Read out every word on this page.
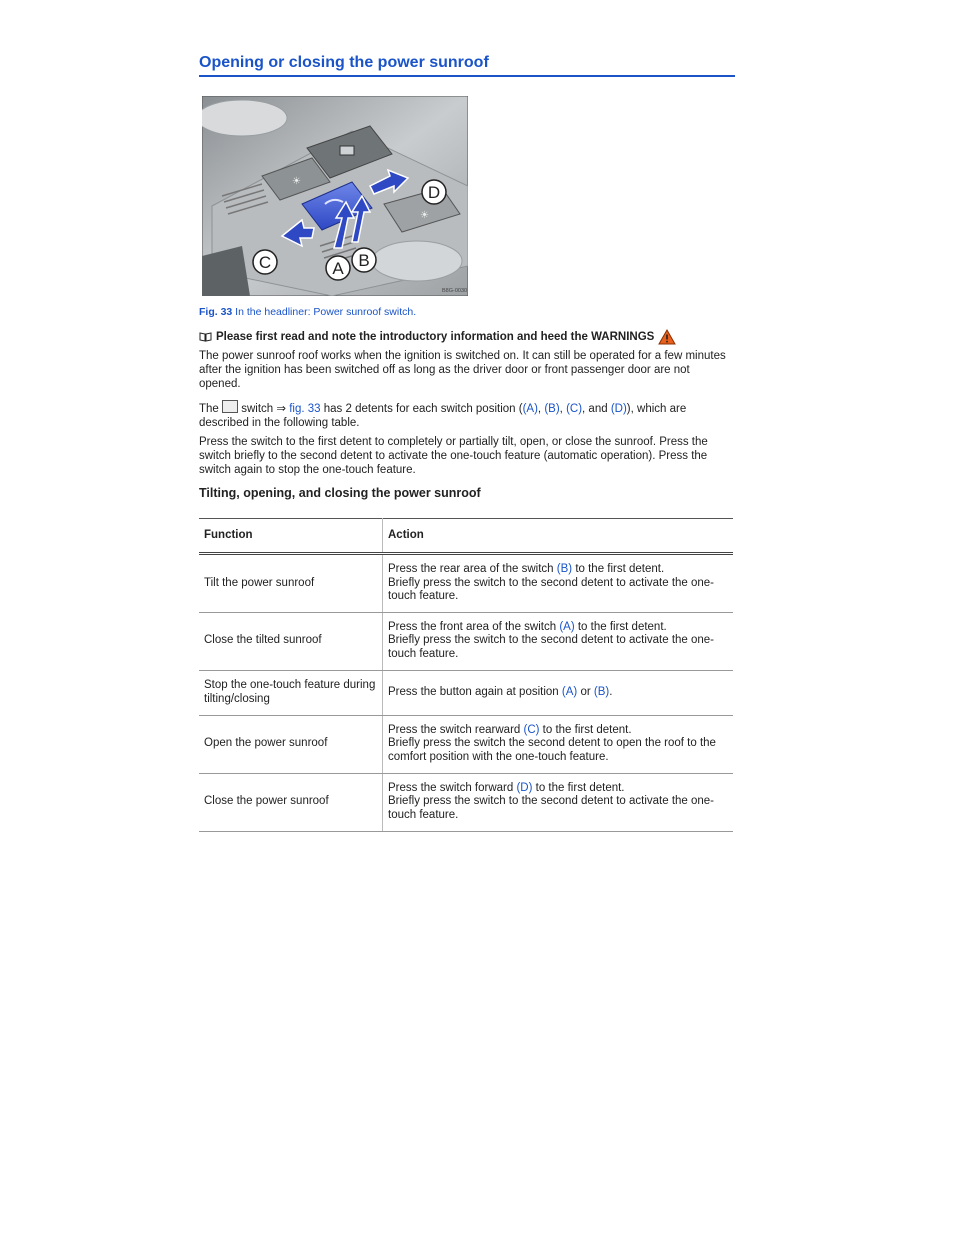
Opening or closing the power sunroof
☀
☀
C	A B
D
B8G-0030
Fig. 33 In the headliner: Power sunroof switch.
Please first read and note the introductory information and heed the WARNINGS
The power sunroof roof works when the ignition is switched on. It can still be operated for a few minutes after the ignition has been switched off as long as the driver door or front passenger door are not opened.
The switch ⇒ fig. 33 has 2 detents for each switch position ((A), (B), (C), and (D)), which are described in the following table.
Press the switch to the first detent to completely or partially tilt, open, or close the sunroof. Press the switch briefly to the second detent to activate the one-touch feature (automatic operation). Press the switch again to stop the one-touch feature.
Tilting, opening, and closing the power sunroof
Function	Action
Tilt the power sunroof	Press the rear area of the switch (B) to the first detent.
Briefly press the switch to the second detent to activate the one-touch feature.
Close the tilted sunroof	Press the front area of the switch (A) to the first detent.
Briefly press the switch to the second detent to activate the one-touch feature.
Stop the one-touch feature during tilting/closing	Press the button again at position (A) or (B).
Open the power sunroof	Press the switch rearward (C) to the first detent.
Briefly press the switch the second detent to open the roof to the comfort position with the one-touch feature.
Close the power sunroof	Press the switch forward (D) to the first detent.
Briefly press the switch to the second detent to activate the one-touch feature.
